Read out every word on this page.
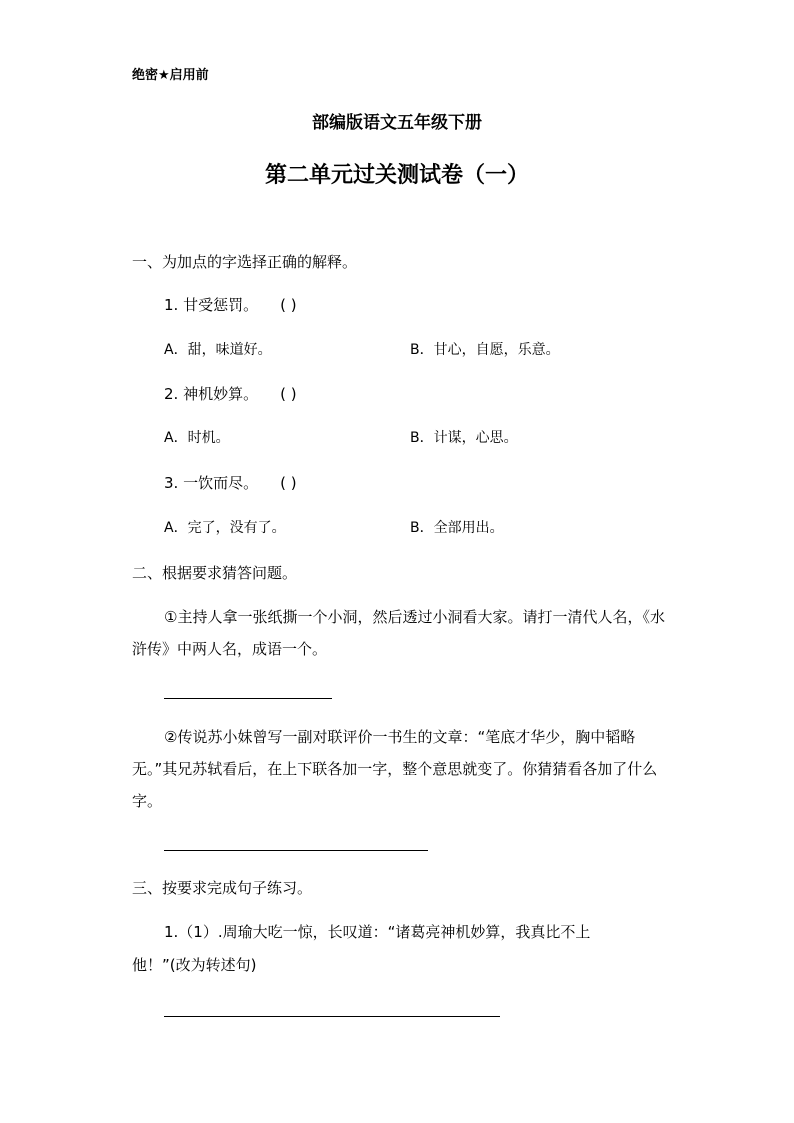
绝密★启用前
部编版语文五年级下册
第二单元过关测试卷（一）
一、为加点的字选择正确的解释。
1. 甘受惩罚。 ( )
A．甜，味道好。	B．甘心，自愿，乐意。
2. 神机妙算。 ( )
A．时机。	B．计谋，心思。
3. 一饮而尽。 ( )
A．完了，没有了。	B．全部用出。
二、根据要求猜答问题。
①主持人拿一张纸撕一个小洞，然后透过小洞看大家。请打一清代人名，《水浒传》中两人名，成语一个。
②传说苏小妹曾写一副对联评价一书生的文章：“笔底才华少，胸中韬略无。”其兄苏轼看后，在上下联各加一字，整个意思就变了。你猜猜看各加了什么字。
三、按要求完成句子练习。
1.（1）.周瑜大吃一惊，长叹道：“诸葛亮神机妙算，我真比不上
他！”(改为转述句)
